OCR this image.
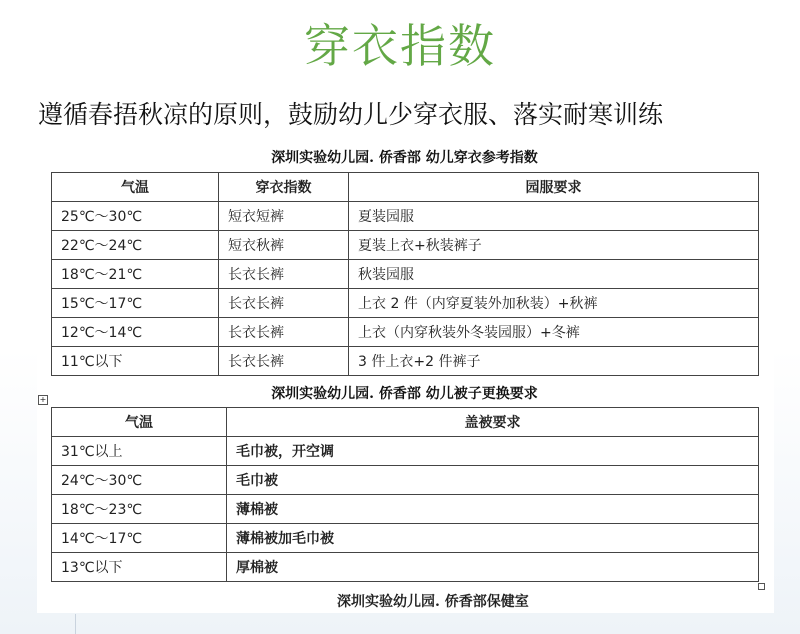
穿衣指数
遵循春捂秋凉的原则，鼓励幼儿少穿衣服、落实耐寒训练
深圳实验幼儿园. 侨香部 幼儿穿衣参考指数
气温	穿衣指数	园服要求
25℃～30℃	短衣短裤	夏装园服
22℃～24℃	短衣秋裤	夏装上衣+秋装裤子
18℃～21℃	长衣长裤	秋装园服
15℃～17℃	长衣长裤	上衣 2 件（内穿夏装外加秋装）+秋裤
12℃～14℃	长衣长裤	上衣（内穿秋装外冬装园服）+冬裤
11℃以下	长衣长裤	3 件上衣+2 件裤子
深圳实验幼儿园. 侨香部 幼儿被子更换要求
+
气温	盖被要求
31℃以上	毛巾被，开空调
24℃～30℃	毛巾被
18℃～23℃	薄棉被
14℃～17℃	薄棉被加毛巾被
13℃以下	厚棉被
深圳实验幼儿园. 侨香部保健室
